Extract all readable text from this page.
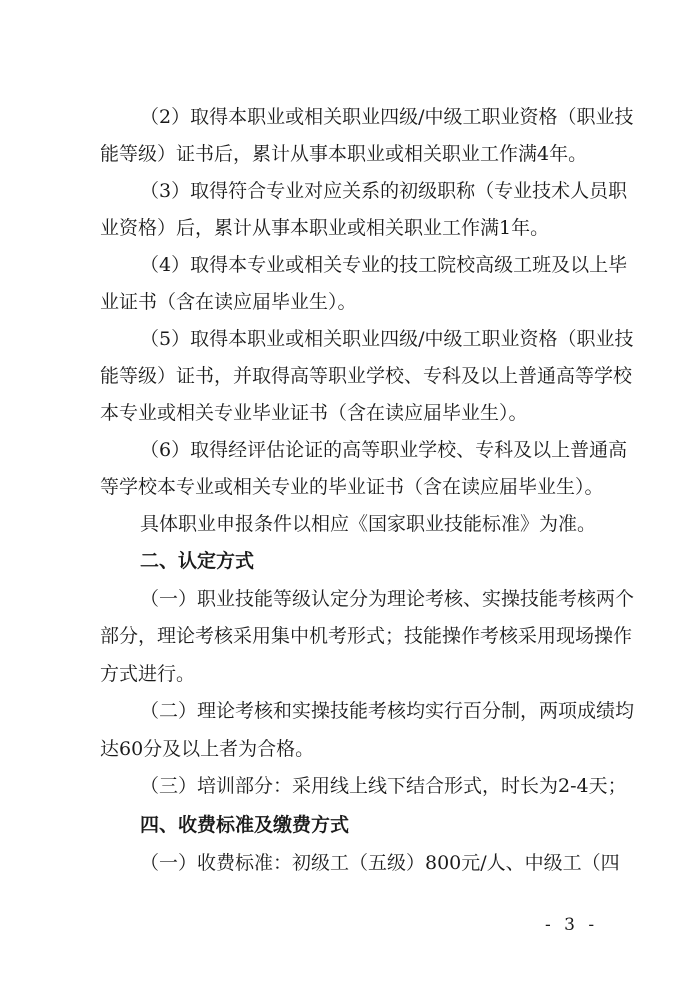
（2）取得本职业或相关职业四级/中级工职业资格（职业技
能等级）证书后，累计从事本职业或相关职业工作满4年。
（3）取得符合专业对应关系的初级职称（专业技术人员职
业资格）后，累计从事本职业或相关职业工作满1年。
（4）取得本专业或相关专业的技工院校高级工班及以上毕
业证书（含在读应届毕业生）。
（5）取得本职业或相关职业四级/中级工职业资格（职业技
能等级）证书，并取得高等职业学校、专科及以上普通高等学校
本专业或相关专业毕业证书（含在读应届毕业生）。
（6）取得经评估论证的高等职业学校、专科及以上普通高
等学校本专业或相关专业的毕业证书（含在读应届毕业生）。
具体职业申报条件以相应《国家职业技能标准》为准。
二、认定方式
（一）职业技能等级认定分为理论考核、实操技能考核两个
部分，理论考核采用集中机考形式；技能操作考核采用现场操作
方式进行。
（二）理论考核和实操技能考核均实行百分制，两项成绩均
达60分及以上者为合格。
（三）培训部分：采用线上线下结合形式，时长为2-4天；
四、收费标准及缴费方式
（一）收费标准：初级工（五级）800元/人、中级工（四
- 3 -
